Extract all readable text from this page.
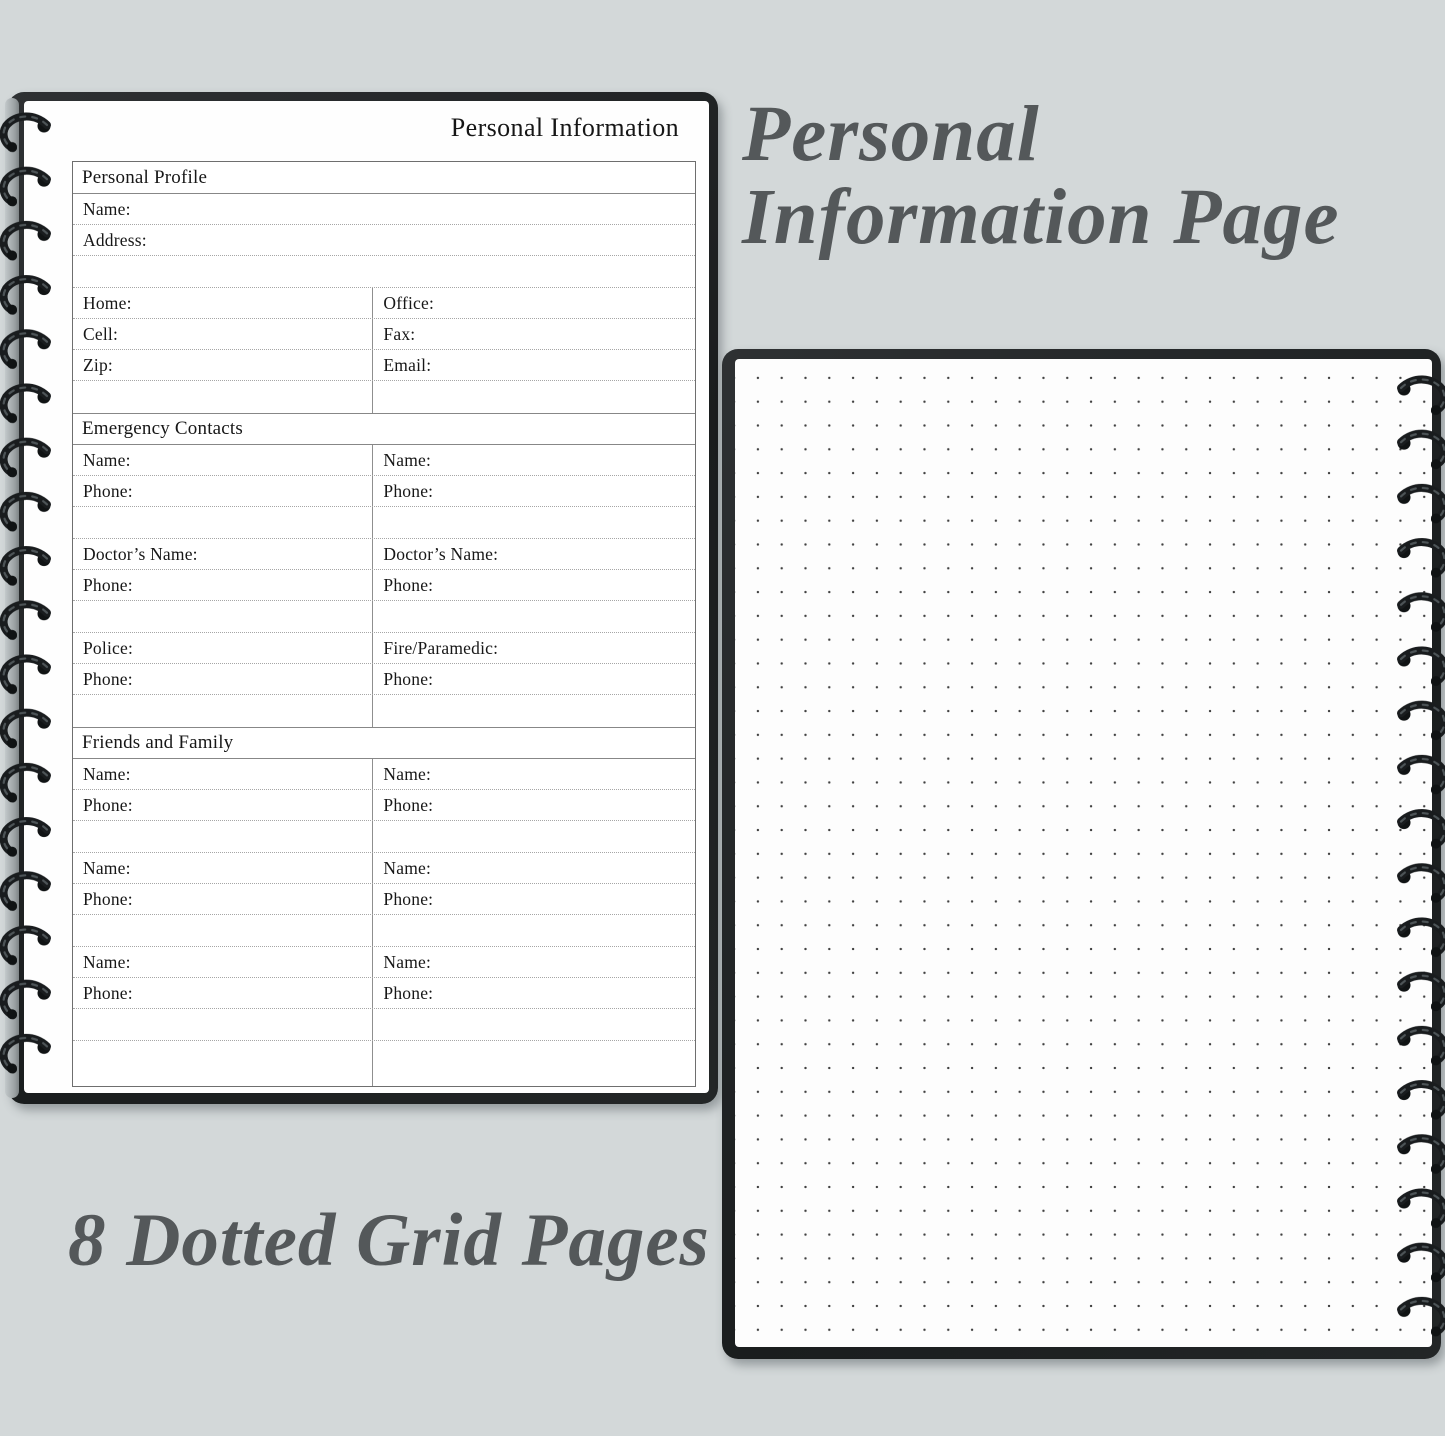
Personal Information
Personal Profile
Name:
Address:
Home:	Office:
Cell:	Fax:
Zip:	Email:
Emergency Contacts
Name:	Name:
Phone:	Phone:
Doctor’s Name:	Doctor’s Name:
Phone:	Phone:
Police:	Fire/Paramedic:
Phone:	Phone:
Friends and Family
Name:	Name:
Phone:	Phone:
Name:	Name:
Phone:	Phone:
Name:	Name:
Phone:	Phone:
Personal Information Page
8 Dotted Grid Pages
